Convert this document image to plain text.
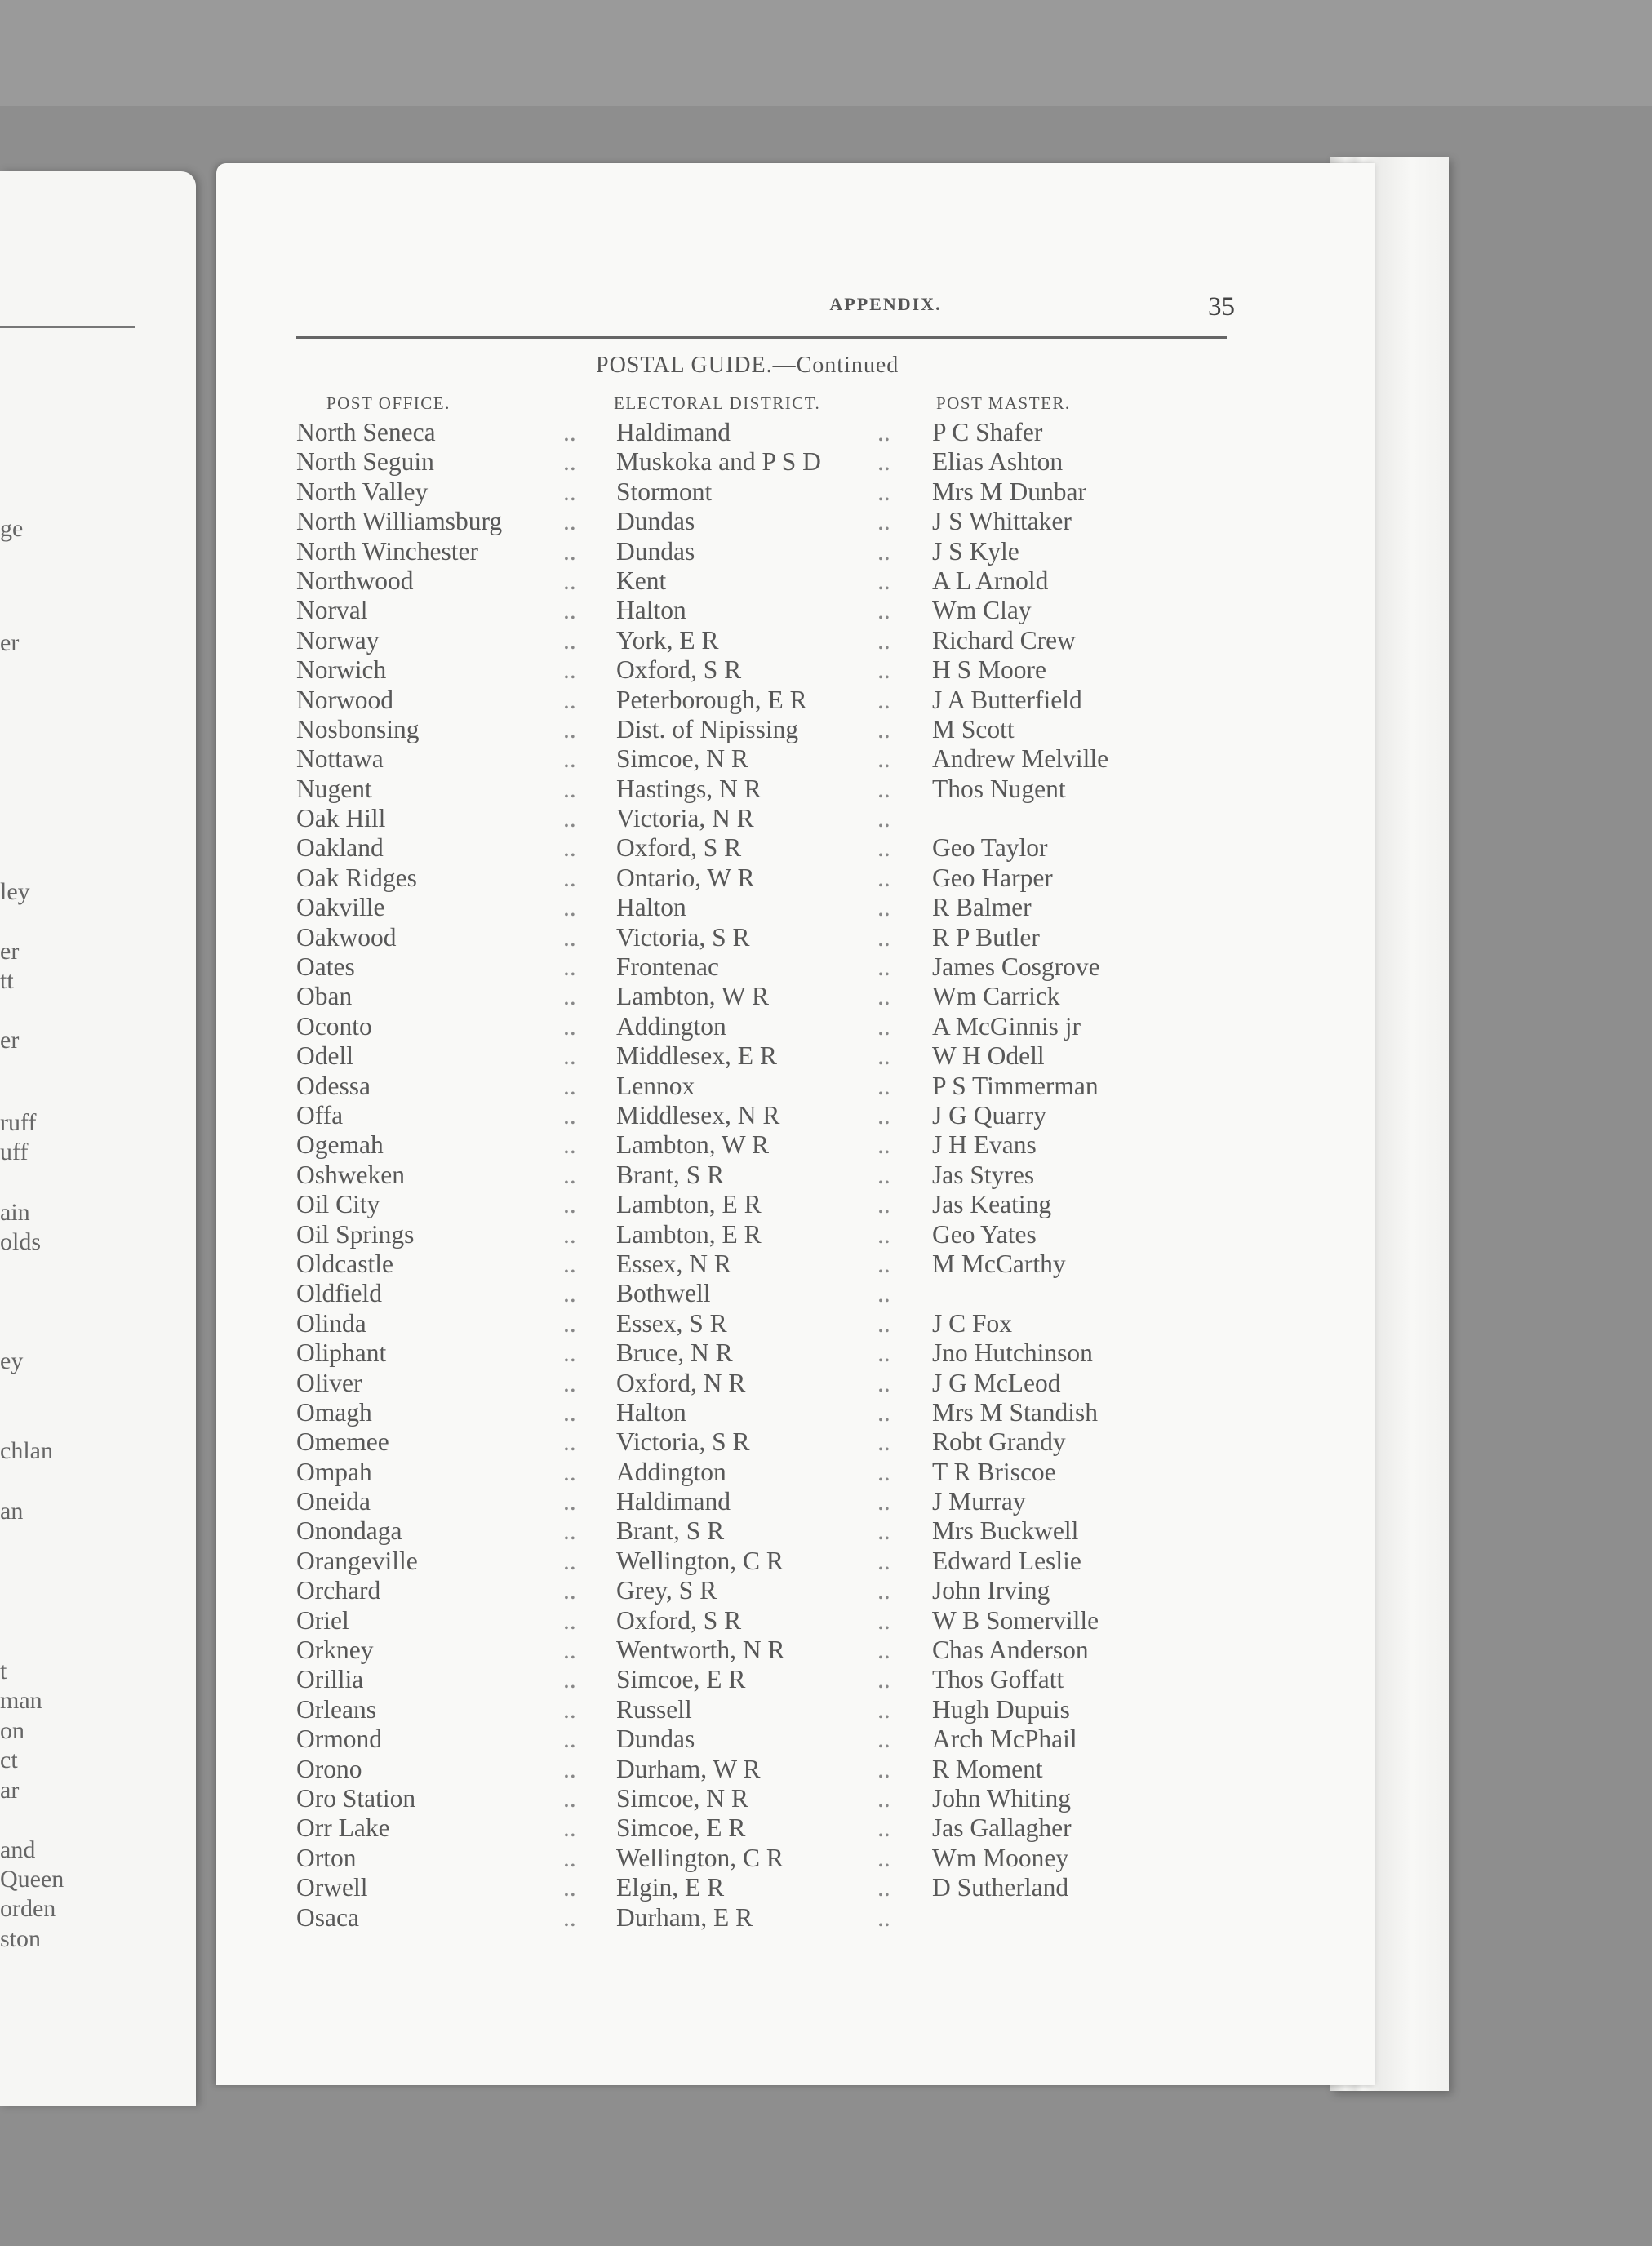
ge
er
ley
er
tt
er
ruff
uff
ain
olds
ey
chlan
an
t
man
on
ct
ar
and
Queen
orden
ston
APPENDIX.	35
POSTAL GUIDE.—Continued
POST OFFICE.	ELECTORAL DISTRICT.	POST MASTER.
North Seneca	.. Haldimand	.. P C Shafer
North Seguin	.. Muskoka and P S D .. Elias Ashton
North Valley	.. Stormont	.. Mrs M Dunbar
North Williamsburg .. Dundas	.. J S Whittaker
North Winchester	.. Dundas	.. J S Kyle
Northwood	.. Kent	.. A L Arnold
Norval	.. Halton	.. Wm Clay
Norway	.. York, E R	.. Richard Crew
Norwich	.. Oxford, S R	.. H S Moore
Norwood	.. Peterborough, E R	.. J A Butterfield
Nosbonsing	.. Dist. of Nipissing	.. M Scott
Nottawa	.. Simcoe, N R	.. Andrew Melville
Nugent	.. Hastings, N R	.. Thos Nugent
Oak Hill	.. Victoria, N R	..
Oakland	.. Oxford, S R	.. Geo Taylor
Oak Ridges	.. Ontario, W R	.. Geo Harper
Oakville	.. Halton	.. R Balmer
Oakwood	.. Victoria, S R	.. R P Butler
Oates	.. Frontenac	.. James Cosgrove
Oban	.. Lambton, W R	.. Wm Carrick
Oconto	.. Addington	.. A McGinnis jr
Odell	.. Middlesex, E R	.. W H Odell
Odessa	.. Lennox	.. P S Timmerman
Offa	.. Middlesex, N R	.. J G Quarry
Ogemah	.. Lambton, W R	.. J H Evans
Oshweken	.. Brant, S R	.. Jas Styres
Oil City	.. Lambton, E R	.. Jas Keating
Oil Springs	.. Lambton, E R	.. Geo Yates
Oldcastle	.. Essex, N R	.. M McCarthy
Oldfield	.. Bothwell	..
Olinda	.. Essex, S R	.. J C Fox
Oliphant	.. Bruce, N R	.. Jno Hutchinson
Oliver	.. Oxford, N R	.. J G McLeod
Omagh	.. Halton	.. Mrs M Standish
Omemee	.. Victoria, S R	.. Robt Grandy
Ompah	.. Addington	.. T R Briscoe
Oneida	.. Haldimand	.. J Murray
Onondaga	.. Brant, S R	.. Mrs Buckwell
Orangeville	.. Wellington, C R	.. Edward Leslie
Orchard	.. Grey, S R	.. John Irving
Oriel	.. Oxford, S R	.. W B Somerville
Orkney	.. Wentworth, N R	.. Chas Anderson
Orillia	.. Simcoe, E R	.. Thos Goffatt
Orleans	.. Russell	.. Hugh Dupuis
Ormond	.. Dundas	.. Arch McPhail
Orono	.. Durham, W R	.. R Moment
Oro Station	.. Simcoe, N R	.. John Whiting
Orr Lake	.. Simcoe, E R	.. Jas Gallagher
Orton	.. Wellington, C R	.. Wm Mooney
Orwell	.. Elgin, E R	.. D Sutherland
Osaca	.. Durham, E R	..
